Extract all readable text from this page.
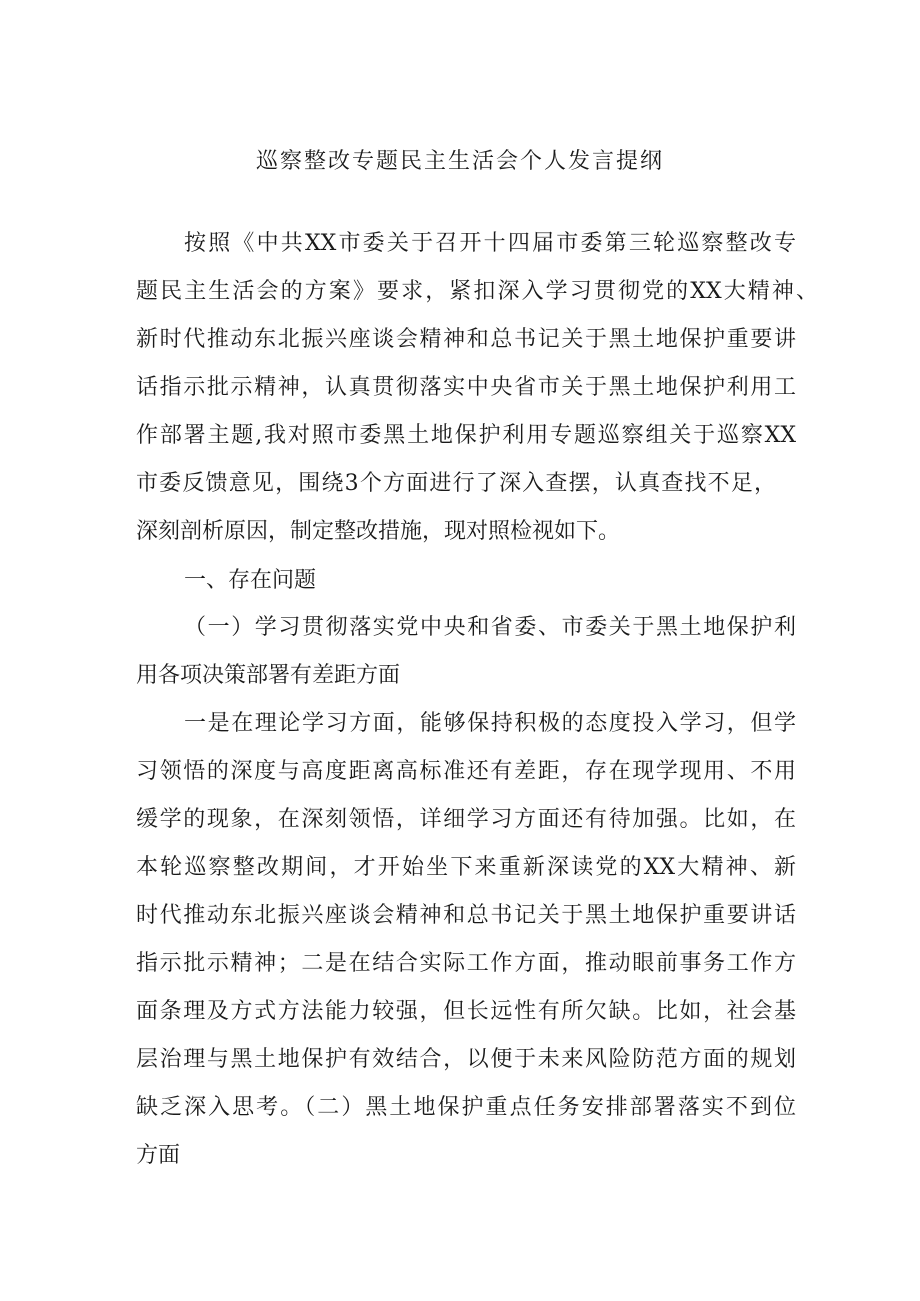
巡察整改专题民主生活会个人发言提纲
按照《中共XX市委关于召开十四届市委第三轮巡察整改专
题民主生活会的方案》要求，紧扣深入学习贯彻党的XX大精神、
新时代推动东北振兴座谈会精神和总书记关于黑土地保护重要讲
话指示批示精神，认真贯彻落实中央省市关于黑土地保护利用工
作部署主题,我对照市委黑土地保护利用专题巡察组关于巡察XX
市委反馈意见，围绕3个方面进行了深入查摆，认真查找不足，
深刻剖析原因，制定整改措施，现对照检视如下。
一、存在问题
（一）学习贯彻落实党中央和省委、市委关于黑土地保护利
用各项决策部署有差距方面
一是在理论学习方面，能够保持积极的态度投入学习，但学
习领悟的深度与高度距离高标准还有差距，存在现学现用、不用
缓学的现象，在深刻领悟，详细学习方面还有待加强。比如，在
本轮巡察整改期间，才开始坐下来重新深读党的XX大精神、新
时代推动东北振兴座谈会精神和总书记关于黑土地保护重要讲话
指示批示精神；二是在结合实际工作方面，推动眼前事务工作方
面条理及方式方法能力较强，但长远性有所欠缺。比如，社会基
层治理与黑土地保护有效结合，以便于未来风险防范方面的规划
缺乏深入思考。（二）黑土地保护重点任务安排部署落实不到位
方面
